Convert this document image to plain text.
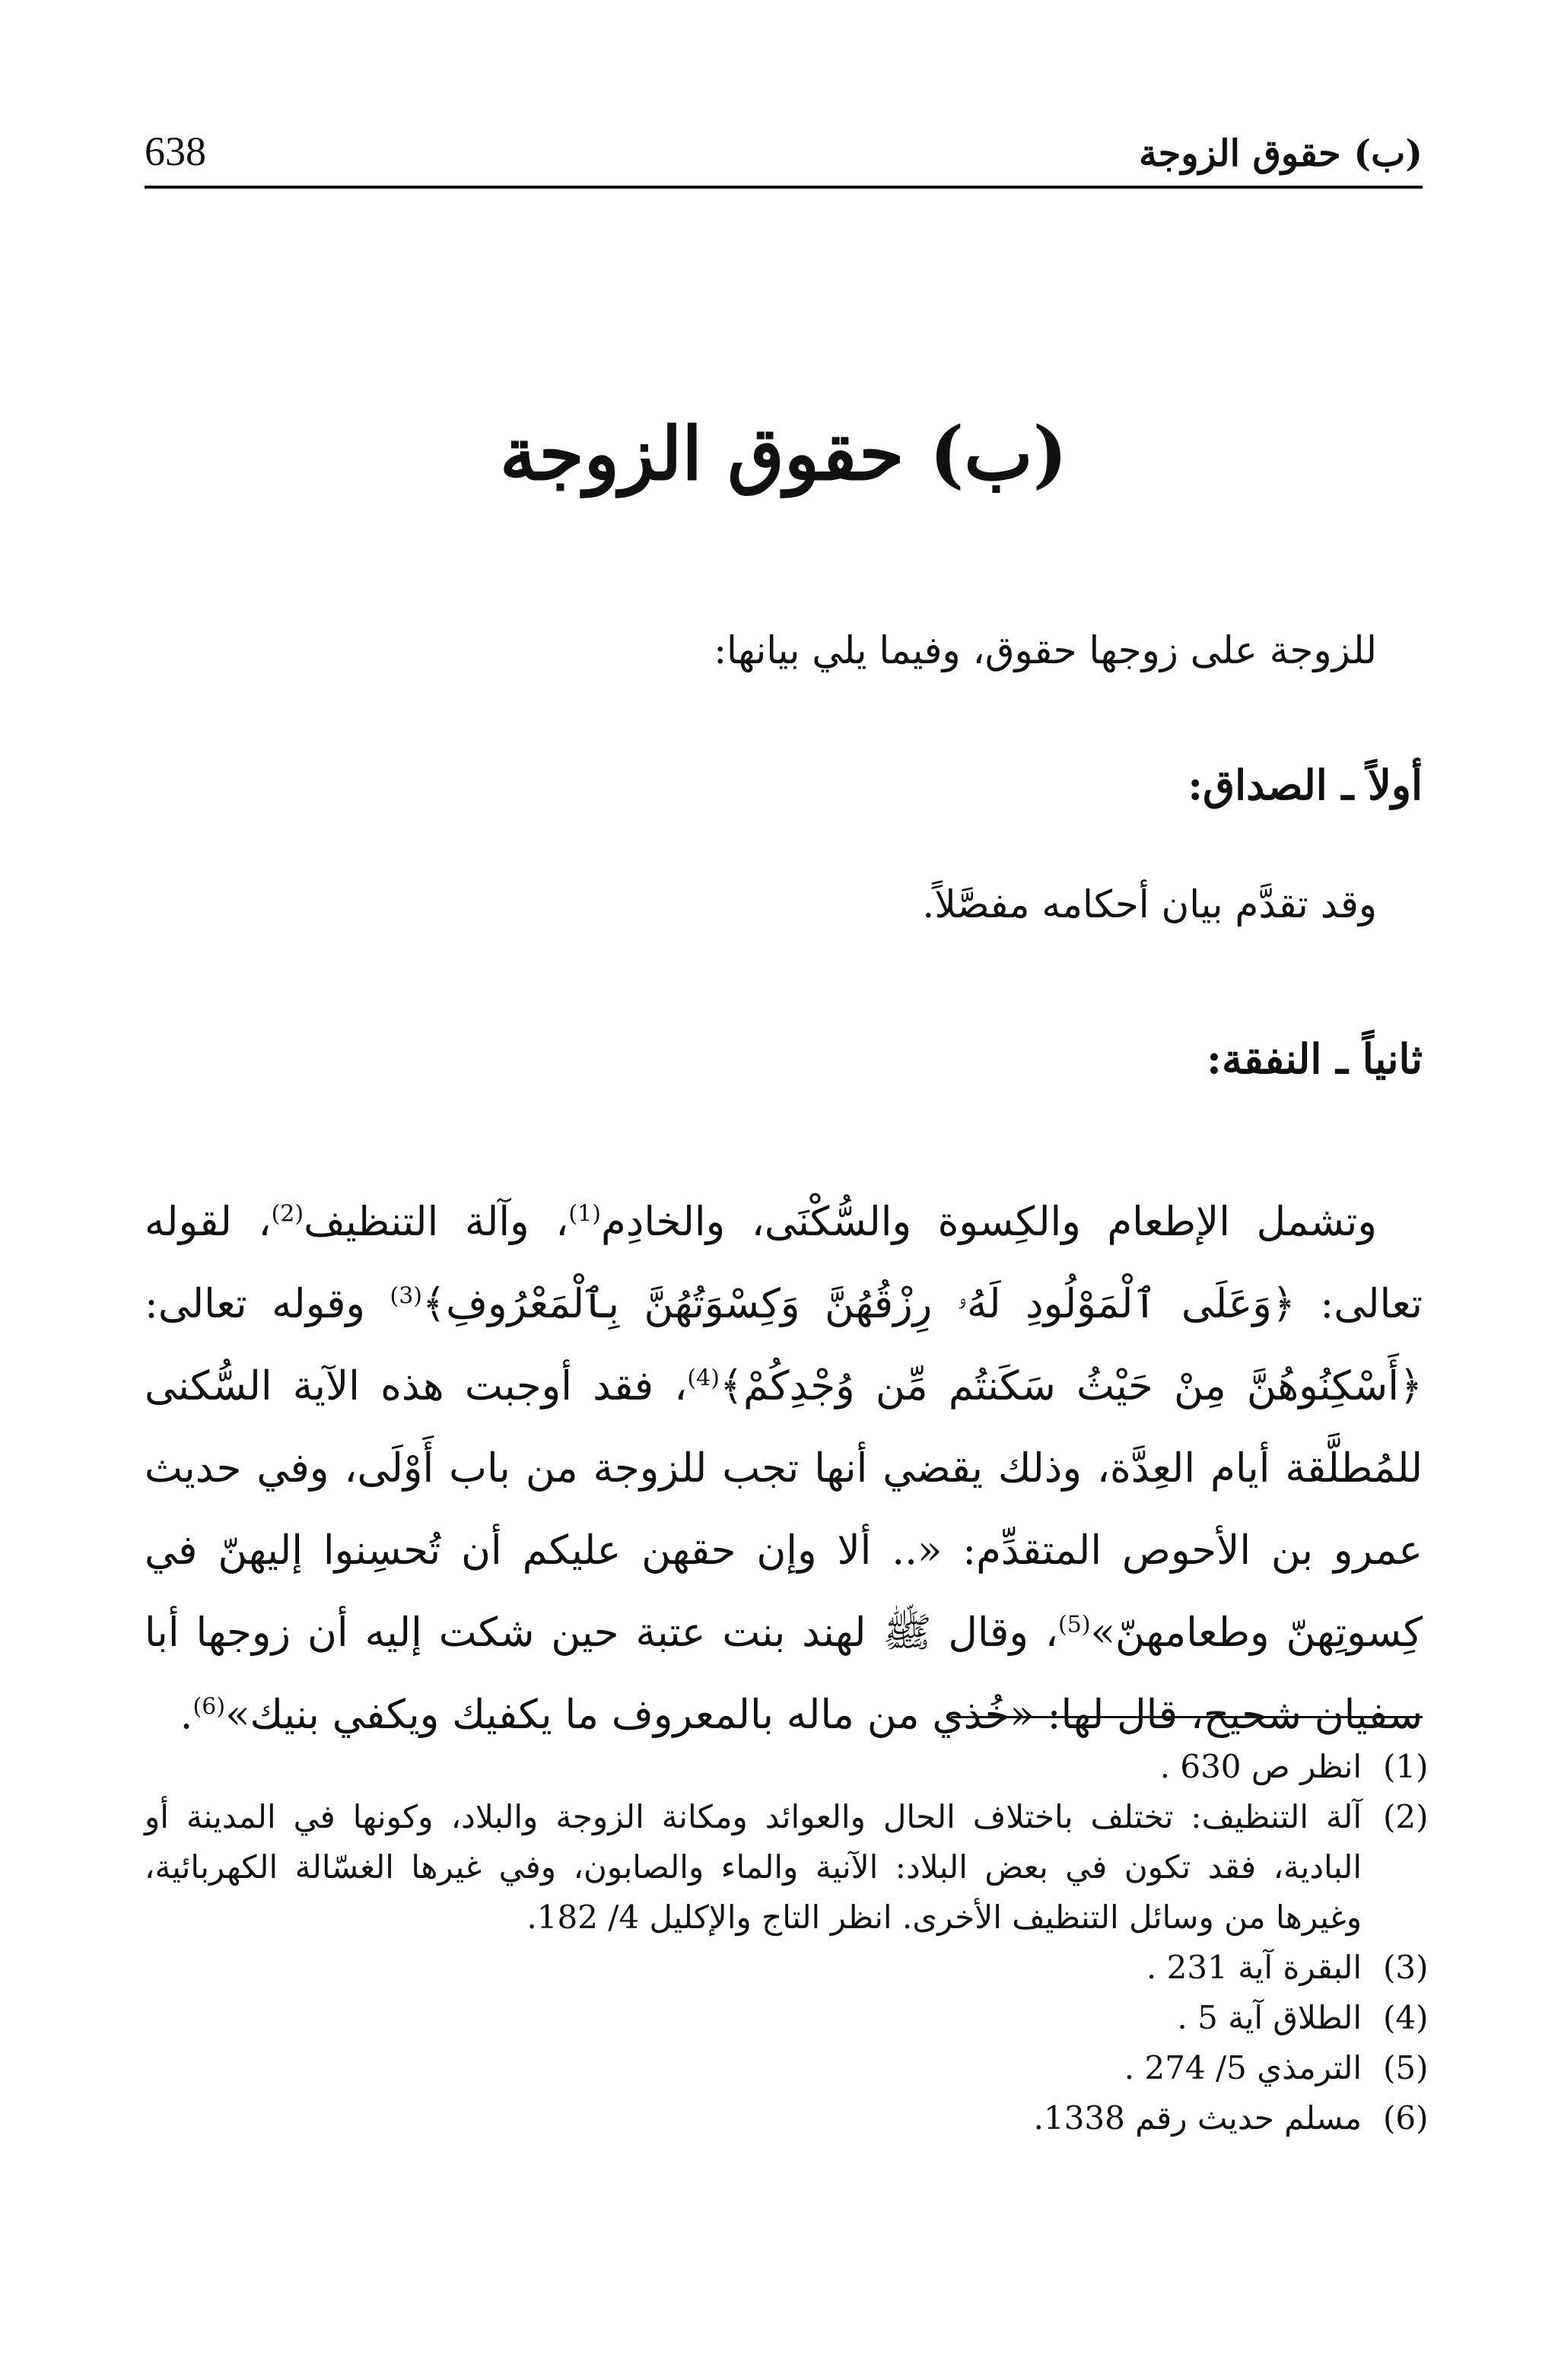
(ب) حقوق الزوجة
638
(ب) حقوق الزوجة
للزوجة على زوجها حقوق، وفيما يلي بيانها:
أولاً ـ الصداق:
وقد تقدَّم بيان أحكامه مفصَّلاً.
ثانياً ـ النفقة:

وتشمل الإطعام والكِسوة والسُّكْنَى، والخادِم$^{(1)}$، وآلة التنظيف$^{(2)}$، لقوله تعالى: ﴿وَعَلَى ٱلْمَوْلُودِ لَهُۥ رِزْقُهُنَّ وَكِسْوَتُهُنَّ بِٱلْمَعْرُوفِ﴾$^{(3)}$ وقوله تعالى: ﴿أَسْكِنُوهُنَّ مِنْ حَيْثُ سَكَنتُم مِّن وُجْدِكُمْ﴾$^{(4)}$، فقد أوجبت هذه الآية السُّكنى للمُطلَّقة أيام العِدَّة، وذلك يقضي أنها تجب للزوجة من باب أَوْلَى، وفي حديث عمرو بن الأحوص المتقدِّم: «.. ألا وإن حقهن عليكم أن تُحسِنوا إليهنّ في كِسوتِهنّ وطعامهنّ»$^{(5)}$، وقال ﷺ لهند بنت عتبة حين شكت إليه أن زوجها أبا سفيان شحيح، قال لها: «خُذي من ماله بالمعروف ما يكفيك ويكفي بنيك»$^{(6)}$.

(1)
انظر ص 630 .
(2)
آلة التنظيف: تختلف باختلاف الحال والعوائد ومكانة الزوجة والبلاد، وكونها في المدينة أو البادية، فقد تكون في بعض البلاد: الآنية والماء والصابون، وفي غيرها الغسّالة الكهربائية، وغيرها من وسائل التنظيف الأخرى. انظر التاج والإكليل 4/ 182.
(3)
البقرة آية 231 .
(4)
الطلاق آية 5 .
(5)
الترمذي 5/ 274 .
(6)
مسلم حديث رقم 1338.
